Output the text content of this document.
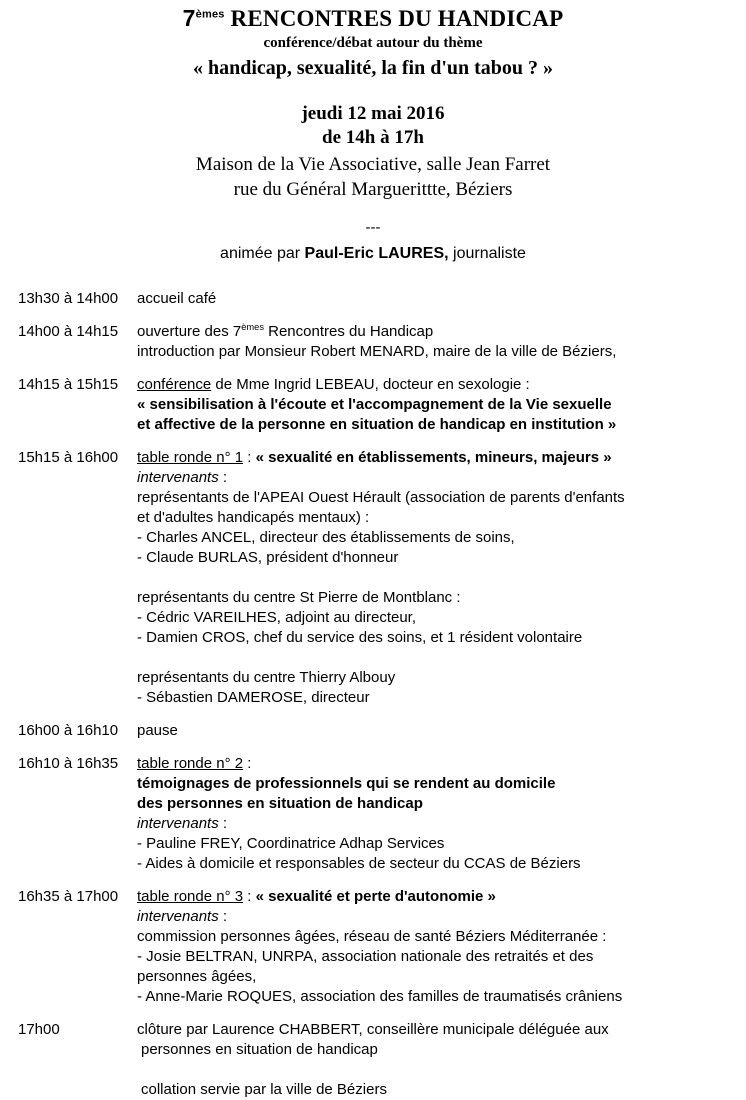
7èmes RENCONTRES DU HANDICAP
conférence/débat autour du thème
« handicap, sexualité, la fin d'un tabou ? »
jeudi 12 mai 2016
de 14h à 17h
Maison de la Vie Associative, salle Jean Farret
rue du Général Marguerittte, Béziers
---
animée par Paul-Eric LAURES, journaliste
13h30 à 14h00	accueil café

14h00 à 14h15	ouverture des 7èmes Rencontres du Handicap

introduction par Monsieur Robert MENARD, maire de la ville de Béziers,

14h15 à 15h15	conférence de Mme Ingrid LEBEAU, docteur en sexologie :

« sensibilisation à l'écoute et l'accompagnement de la Vie sexuelle

et affective de la personne en situation de handicap en institution »

15h15 à 16h00	table ronde n° 1 : « sexualité en établissements, mineurs, majeurs »

intervenants :

représentants de l'APEAI Ouest Hérault (association de parents d'enfants

et d'adultes handicapés mentaux) :

- Charles ANCEL, directeur des établissements de soins,

- Claude BURLAS, président d'honneur

représentants du centre St Pierre de Montblanc :

- Cédric VAREILHES, adjoint au directeur,

- Damien CROS, chef du service des soins, et 1 résident volontaire

représentants du centre Thierry Albouy

- Sébastien DAMEROSE, directeur

16h00 à 16h10	pause

16h10 à 16h35	table ronde n° 2 :

témoignages de professionnels qui se rendent au domicile

des personnes en situation de handicap

intervenants :

- Pauline FREY, Coordinatrice Adhap Services

- Aides à domicile et responsables de secteur du CCAS de Béziers

16h35 à 17h00	table ronde n° 3 : « sexualité et perte d'autonomie »

intervenants :

commission personnes âgées, réseau de santé Béziers Méditerranée :

- Josie BELTRAN, UNRPA, association nationale des retraités et des

personnes âgées,

- Anne-Marie ROQUES, association des familles de traumatisés crâniens

17h00	clôture par Laurence CHABBERT, conseillère municipale déléguée aux

personnes en situation de handicap

collation servie par la ville de Béziers
